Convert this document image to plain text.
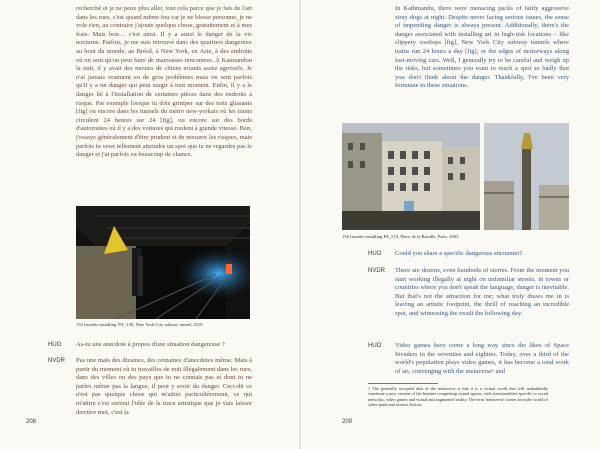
recherché et je ne peux plus aller, tout cela parce que je fais de l'art dans les rues, c'est quand même fou car je ne blesse personne, je ne vole rien, au contraire j'ajoute quelque chose, gratuitement et à mes frais. Mais bon… c'est ainsi. Il y a aussi le danger de la vie nocturne. Parfois, je me suis retrouvé dans des quartiers dangereux au bout du monde, au Brésil, à New York, en Asie, à des endroits où on sent qu'on peut faire de mauvaises rencontres. À Katmandou la nuit, il y avait des meutes de chiens errants assez agressifs. Je n'ai jamais vraiment eu de gros problèmes mais on sent parfois qu'il y a un danger qui peut surgir à tout moment. Enfin, il y a le danger lié à l'installation de certaines pièces dans des endroits à risque. Par exemple lorsque tu dois grimper sur des toits glissants [fig] ou encore dans les tunnels du métro new-yorkais où les trains circulent 24 heures sur 24 [fig], ou encore sur des bords d'autoroutes où il y a des voitures qui roulent à grande vitesse. Bon, j'essaye généralement d'être prudent et de mesurer les risques, mais parfois tu veux tellement atteindre un spot que tu ne regardes pas le danger et j'ai parfois eu beaucoup de chance.
155 Invader installing NY_139, New York City subway tunnel, 2018
HUO As-tu une anecdote à propos d'une situation dangereuse ?
NVDR Pas une mais des dizaines, des centaines d'anecdotes même. Mais à partir du moment où tu travailles de nuit illégalement dans les rues, dans des villes ou des pays que tu ne connais pas et dont tu ne parles même pas la langue, il peut y avoir du danger. Ceci-dit ce n'est pas quelque chose qui m'attire particulièrement, ce qui m'attire c'est surtout l'idée de la trace artistique que je vais laisser derrière moi, c'est la
208
In Kathmandu, there were menacing packs of fairly aggressive stray dogs at night. Despite never facing serious issues, the sense of impending danger is always present. Additionally, there's the danger associated with installing art in high-risk locations – like slippery rooftops [fig], New York City subway tunnels where trains run 24 hours a day [fig], or the edges of motorways along fast-moving cars. Well, I generally try to be careful and weigh up the risks, but sometimes you want to reach a spot so badly that you don't think about the danger. Thankfully, I've been very fortunate in these situations.
156 Invader installing PA_510, Place de la Bastille, Paris, 2003
HUO Could you share a specific dangerous encounter?
NVDR There are dozens, even hundreds of stories. From the moment you start working illegally at night on unfamiliar streets, in towns or countries where you don't speak the language, danger is inevitable. But that's not the attraction for me; what truly draws me in is leaving an artistic footprint, the thrill of reaching an incredible spot, and witnessing the result the following day.
HUO Video games have come a long way since the likes of Space Invaders in the seventies and eighties. Today, over a third of the world's population plays video games, it has become a total work of art, converging with the metaverse¹ and
1 The generally accepted idea of the metaverse is that it is a virtual world that will undoubtedly constitute a new version of the Internet comprising virtual spaces, with functionalities specific to social networks, video games and virtual and augmented reality. The term 'metaverse' comes from the world of cyber-punk and science fiction.
209
